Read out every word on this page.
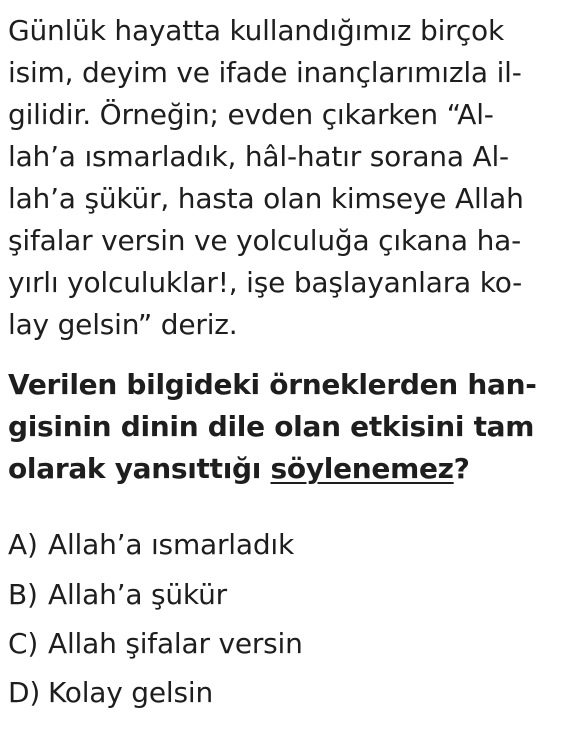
Günlük hayatta kullandığımız birçok

isim, deyim ve ifade inançlarımızla il-

gilidir. Örneğin; evden çıkarken “Al-

lah’a ısmarladık, hâl-hatır sorana Al-

lah’a şükür, hasta olan kimseye Allah

şifalar versin ve yolculuğa çıkana ha-

yırlı yolculuklar!, işe başlayanlara ko-

lay gelsin” deriz.

Verilen bilgideki örneklerden han-

gisinin dinin dile olan etkisini tam

olarak yansıttığı söylenemez?

A) Allah’a ısmarladık
B) Allah’a şükür
C) Allah şifalar versin
D) Kolay gelsin
